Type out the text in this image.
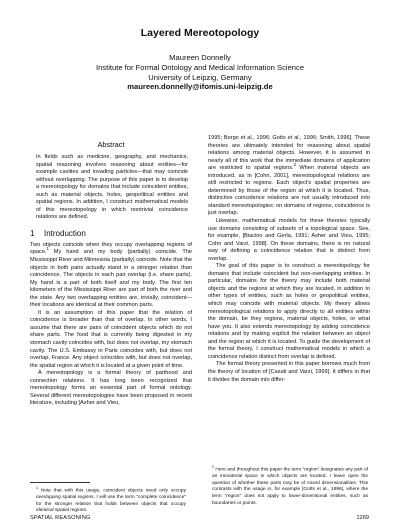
Layered Mereotopology
Maureen Donnelly
Institute for Formal Ontology and Medical Information Science
University of Leipzig, Germany
maureen.donnelly@ifomis.uni-leipzig.de
Abstract

In fields such as medicine, geography, and mechanics, spatial reasoning involves reasoning about entities—for example cavities and invading particles—that may coincide without overlapping. The purpose of this paper is to develop a mereotopology for domains that include coincident entities, such as material objects, holes, geopolitical entities and spatial regions. In addition, I construct mathematical models of this mereotopology in which nontrivial coincidence relations are defined.

1 Introduction

Two objects coincide when they occupy overlapping regions of space.$^1$ My hand and my body (partially) coincide. The Mississippi River and Minnesota (partially) coincide. Note that the objects in both pairs actually stand in a stronger relation than coincidence. The objects in each pair overlap (i.e. share parts). My hand is a part of both itself and my body. The first ten kilometers of the Mississippi River are part of both the river and the state. Any two overlapping entities are, trivially, coincident—their locations are identical at their common parts.

It is an assumption of this paper that the relation of coincidence is broader than that of overlap. In other words, I assume that there are pairs of coincident objects which do not share parts. The food that is currently being digested in my stomach cavity coincides with, but does not overlap, my stomach cavity. The U.S. Embassy in Paris coincides with, but does not overlap, France. Any object coincides with, but does not overlap, the spatial region at which it is located at a given point of time.

A mereotopology is a formal theory of parthood and connection relations. It has long been recognized that mereotopology forms an essential part of formal ontology. Several different mereotopologies have been proposed in recent literature, including [Asher and Vieu,

$^1$ Note that with this usage, coincident objects need only occupy overlapping spatial regions. I will use the term "complete coincidence" for the stronger relation that holds between objects that occupy identical spatial regions.

1995; Borgo et al., 1996; Gotts et al., 1996; Smith, 1996]. These theories are ultimately intended for reasoning about spatial relations among material objects. However, it is assumed in nearly all of this work that the immediate domains of application are restricted to spatial regions.$^2$ When material objects are introduced, as in [Cohn, 2001], mereotopological relations are still restricted to regions. Each object's spatial properties are determined by those of the region at which it is located. Thus, distinctive coincidence relations are not usually introduced into standard mereotopologies: on domains of regions, coincidence is just overlap.

Likewise, mathematical models for these theories typically use domains consisting of subsets of a topological space. See, for example, [Biacino and Gerla, 1991; Asher and Vieu, 1995; Cohn and Varzi, 1998]. On these domains, there is no natural way of defining a coincidence relation that is distinct from overlap.

The goal of this paper is to construct a mereotopology for domains that include coincident but non-overlapping entities. In particular, domains for the theory may include both material objects and the regions at which they are located, in addition to other types of entities, such as holes or geopolitical entities, which may coincide with material objects. My theory allows mereotopological relations to apply directly to all entities within the domain, be they regions, material objects, holes, or what have you. It also extends mereotopology by adding coincidence relations and by making explicit the relation between an object and the region at which it is located. To guide the development of the formal theory, I construct mathematical models in which a coincidence relation distinct from overlap is defined.

The formal theory presented in this paper borrows much from the theory of location of [Casati and Varzi, 1999]. It differs in that it divides the domain into differ-

$^2$ Here and throughout this paper the term "region" designates any part of an immaterial space in which objects are located. I leave open the question of whether these parts may be of mixed dimensionalities. This contrasts with the usage in, for example [Gotts et al., 1996], where the term "region" does not apply to lower-dimensional entities, such as boundaries or points.
SPATIAL REASONING	1269
